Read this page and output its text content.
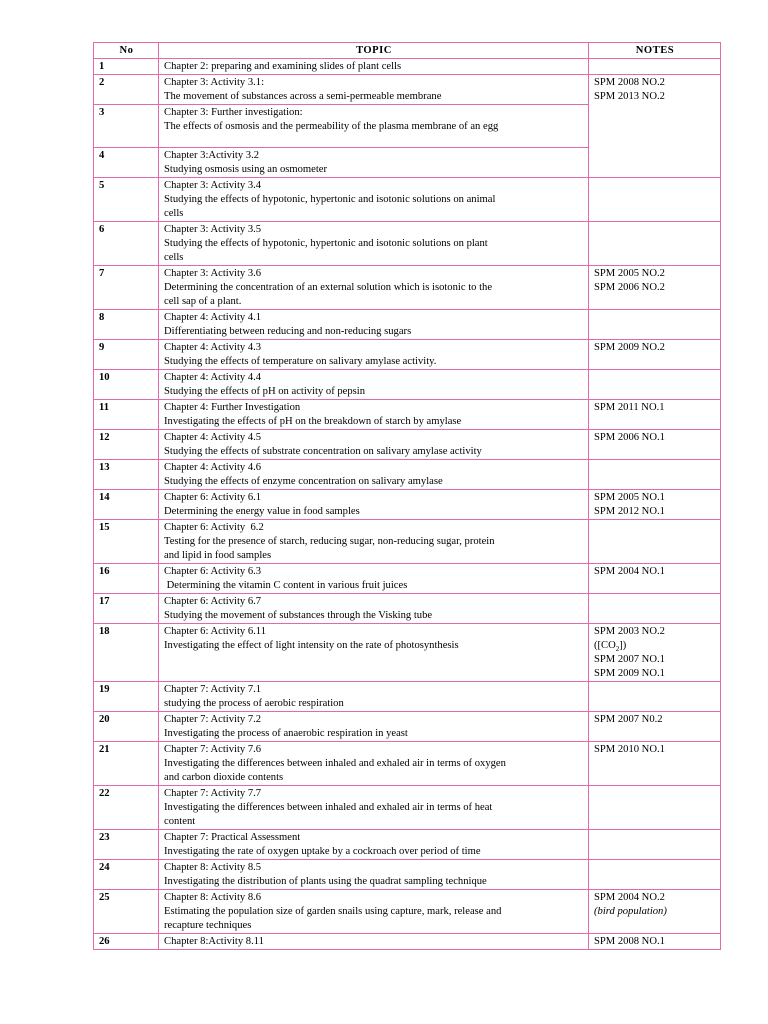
No	TOPIC	NOTES
1	Chapter 2: preparing and examining slides of plant cells	

2	Chapter 3: Activity 3.1:
The movement of substances across a semi-permeable membrane	SPM 2008 NO.2
SPM 2013 NO.2

3	Chapter 3: Further investigation:
The effects of osmosis and the permeability of the plasma membrane of an egg	

4	Chapter 3:Activity 3.2
Studying osmosis using an osmometer	

5	Chapter 3: Activity 3.4
Studying the effects of hypotonic, hypertonic and isotonic solutions on animal
cells	

6	Chapter 3: Activity 3.5
Studying the effects of hypotonic, hypertonic and isotonic solutions on plant
cells	

7	Chapter 3: Activity 3.6
Determining the concentration of an external solution which is isotonic to the
cell sap of a plant.	SPM 2005 NO.2
SPM 2006 NO.2

8	Chapter 4: Activity 4.1
Differentiating between reducing and non-reducing sugars	

9	Chapter 4: Activity 4.3
Studying the effects of temperature on salivary amylase activity.	SPM 2009 NO.2

10	Chapter 4: Activity 4.4
Studying the effects of pH on activity of pepsin	

11	Chapter 4: Further Investigation
Investigating the effects of pH on the breakdown of starch by amylase	SPM 2011 NO.1

12	Chapter 4: Activity 4.5
Studying the effects of substrate concentration on salivary amylase activity	SPM 2006 NO.1

13	Chapter 4: Activity 4.6
Studying the effects of enzyme concentration on salivary amylase	

14	Chapter 6: Activity 6.1
Determining the energy value in food samples	SPM 2005 NO.1
SPM 2012 NO.1

15	Chapter 6: Activity  6.2
Testing for the presence of starch, reducing sugar, non-reducing sugar, protein
and lipid in food samples	

16	Chapter 6: Activity 6.3
Determining the vitamin C content in various fruit juices	SPM 2004 NO.1

17	Chapter 6: Activity 6.7
Studying the movement of substances through the Visking tube	

18	Chapter 6: Activity 6.11
Investigating the effect of light intensity on the rate of photosynthesis	SPM 2003 NO.2
$([CO_2])$
SPM 2007 NO.1
SPM 2009 NO.1

19	Chapter 7: Activity 7.1
studying the process of aerobic respiration	

20	Chapter 7: Activity 7.2
Investigating the process of anaerobic respiration in yeast	SPM 2007 N0.2

21	Chapter 7: Activity 7.6
Investigating the differences between inhaled and exhaled air in terms of oxygen
and carbon dioxide contents	SPM 2010 NO.1

22	Chapter 7: Activity 7.7
Investigating the differences between inhaled and exhaled air in terms of heat
content	

23	Chapter 7: Practical Assessment
Investigating the rate of oxygen uptake by a cockroach over period of time	

24	Chapter 8: Activity 8.5
Investigating the distribution of plants using the quadrat sampling technique	

25	Chapter 8: Activity 8.6
Estimating the population size of garden snails using capture, mark, release and
recapture techniques	SPM 2004 NO.2
(bird population)

26	Chapter 8:Activity 8.11	SPM 2008 NO.1
